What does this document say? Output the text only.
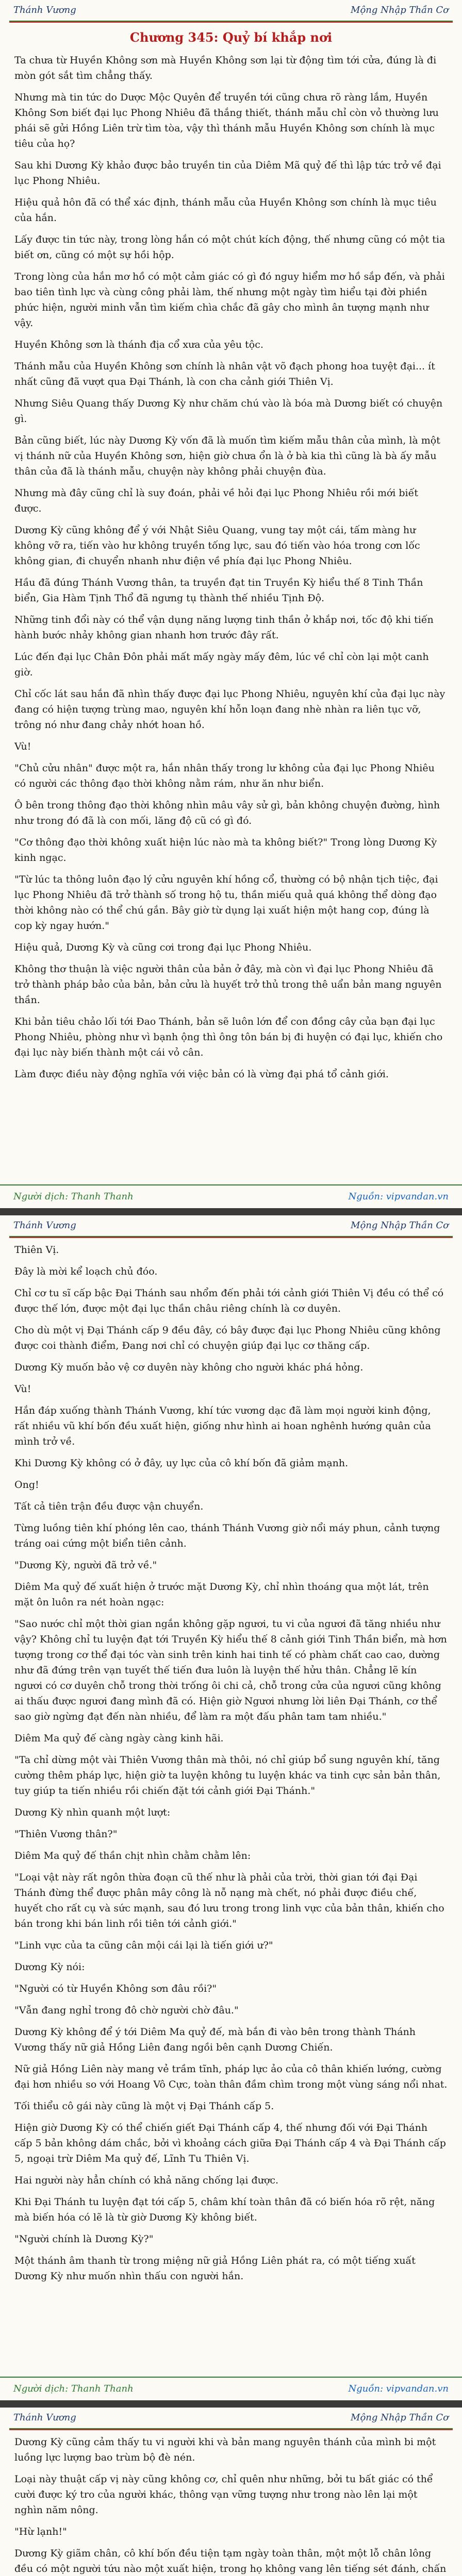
Thánh Vương	Mộng Nhập Thần Cơ
Chương 345: Quỷ bí khắp nơi

Ta chưa từ Huyền Không sơn mà Huyền Không sơn lại từ động tìm tới cửa, đúng là đi mòn gót sắt tìm chẳng thấy.

Nhưng mà tin tức do Dược Mộc Quyên để truyền tới cũng chưa rõ ràng lắm, Huyền Không Sơn biết đại lục Phong Nhiêu đã thắng thiết, thánh mẫu chỉ còn vỏ thường lưu phái sẽ gửi Hồng Liên trừ tìm tòa, vậy thì thánh mẫu Huyền Không sơn chính là mục tiêu của họ?

Sau khi Dương Kỳ khảo được bảo truyền tin của Diêm Mã quỷ đế thì lập tức trở về đại lục Phong Nhiêu.

Hiệu quả hôn đã có thể xác định, thánh mẫu của Huyền Không sơn chính là mục tiêu của hắn.

Lấy được tin tức này, trong lòng hắn có một chút kích động, thế nhưng cũng có một tia biết ơn, cũng có một sự hồi hộp.

Trong lòng của hắn mơ hồ có một cảm giác có gì đó nguy hiểm mơ hồ sắp đến, và phải bao tiên tình lực và cùng công phải làm, thế nhưng một ngày tìm hiểu tại đời phiền phức hiện, người minh vẫn tìm kiếm chìa chắc đã gây cho mình ân tượng mạnh như vậy.

Huyền Không sơn là thánh địa cổ xưa của yêu tộc.

Thánh mẫu của Huyền Không sơn chính là nhân vật võ đạch phong hoa tuyệt đại... ít nhất cũng đã vượt qua Đại Thánh, là con cha cảnh giới Thiên Vị.

Nhưng Siêu Quang thấy Dương Kỳ như chăm chú vào là bóa mà Dương biết có chuyện gì.

Bản cũng biết, lúc này Dương Kỳ vốn đã là muốn tìm kiếm mẫu thân của mình, là một vị thánh nữ của Huyền Không sơn, hiện giờ chưa ổn là ở bà kia thì cũng là bà ấy mẫu thân của đã là thánh mẫu, chuyện này không phải chuyện đùa.

Nhưng mà đây cũng chỉ là suy đoán, phải về hỏi đại lục Phong Nhiêu rồi mới biết được.

Dương Kỳ cũng không để ý với Nhật Siêu Quang, vung tay một cái, tấm màng hư không vỡ ra, tiến vào hư không truyền tống lực, sau đó tiến vào hóa trong cơn lốc không gian, đi chuyển nhanh như điện về phía đại lục Phong Nhiêu.

Hầu đã đúng Thánh Vương thân, ta truyền đạt tin Truyền Kỳ hiểu thế 8 Tinh Thần biển, Gia Hàm Tịnh Thổ đã ngưng tụ thành thế nhiều Tịnh Độ.

Những tinh đổi này có thể vận dụng năng lượng tinh thần ở khắp nơi, tốc độ khi tiến hành bước nhảy không gian nhanh hơn trước đây rất.

Lúc đến đại lục Chân Đôn phải mất mấy ngày mấy đêm, lúc về chỉ còn lại một canh giờ.

Chỉ cốc lát sau hắn đã nhìn thấy được đại lục Phong Nhiêu, nguyên khí của đại lục này đang có hiện tượng trùng mao, nguyên khí hỗn loạn đang nhè nhàn ra liên tục vỡ, trông nó như đang chảy nhớt hoan hồ.

Vù!

"Chủ cửu nhân" được một ra, hắn nhân thấy trong lư không của đại lục Phong Nhiêu có người các thông đạo thời không nằm rám, như ăn như biển.

Ô bên trong thông đạo thời không nhìn mâu vây sử gì, bản không chuyện đường, hình như trong đó đã là con mối, lăng độ cũ có gì đó.

"Cơ thông đạo thời không xuất hiện lúc nào mà ta không biết?" Trong lòng Dương Kỳ kinh ngạc.

"Từ lúc ta thông luôn đạo lý cửu nguyên khí hồng cổ, thường có bộ nhận tịch tiệc, đại lục Phong Nhiêu đã trở thành số trong hộ tu, thần miếu quả quá không thể dòng đạo thời không nào có thể chú gắn. Bây giờ từ dụng lại xuất hiện một hang cop, đúng là cop kỳ ngay hướn."

Hiệu quả, Dương Kỳ và cũng cơi trong đại lục Phong Nhiêu.

Không thơ thuận là việc người thân của bản ở đây, mà còn vì đại lục Phong Nhiêu đã trở thành pháp bảo của bản, bản cửu là huyết trở thủ trong thê uẩn bản mang nguyên thần.

Khi bản tiêu chảo lối tới Đao Thánh, bản sẽ luôn lớn để con đồng cây của bạn đại lục Phong Nhiêu, phòng như vì bạnh ộng thì ông tôn bán bị đi huyện có đại lục, khiến cho đại lục này biến thành một cái vỏ cân.

Làm được điều này động nghĩa với việc bản có là vừng đại phá tổ cảnh giới.

Người dịch: Thanh Thanh	Nguồn: vipvandan.vn
Thánh Vương	Mộng Nhập Thần Cơ

Thiên Vị.

Đây là mời kể loạch chủ đóo.

Chỉ cơ tu sĩ cấp bậc Đại Thánh sau nhổm đến phải tới cảnh giới Thiên Vị đều có thể có được thế lớn, được một đại lục thần châu riêng chính là cơ duyên.

Cho dù một vị Đại Thánh cấp 9 đều đây, có bây được đại lục Phong Nhiêu cũng không được coi thành điểm, Đang nơi chỉ có chuyện giúp đại lục cơ thăng cấp.

Dương Kỳ muốn bảo vệ cơ duyên này không cho người khác phá hỏng.

Vù!

Hắn đáp xuống thành Thánh Vương, khí tức vương dạc đã làm mọi người kinh động, rất nhiều vũ khí bốn đều xuất hiện, giống như hình ai hoan nghênh hướng quân của mình trở về.

Khi Dương Kỳ không có ở đây, uy lực của cô khí bốn đã giảm mạnh.

Ong!

Tất cả tiên trận đều được vận chuyển.

Từng luồng tiên khí phóng lên cao, thánh Thánh Vương giờ nổi máy phun, cảnh tượng tráng oai cứng một biển tiên cảnh.

"Dương Kỳ, người đã trở về."

Diêm Ma quỷ đế xuất hiện ở trước mặt Dương Kỳ, chỉ nhìn thoáng qua một lát, trên mặt ôn luôn ra nét hoàn ngạc:

"Sao nước chỉ một thời gian ngắn không gặp ngươi, tu vi của ngươi đã tăng nhiều như vậy? Không chỉ tu luyện đạt tới Truyền Kỳ hiểu thế 8 cảnh giới Tinh Thần biển, mà hơn tượng trong cơ thể đại tóc vàn sinh trên kinh hai tinh tế có phàm chất cao cao, dường như đã đứng trên vạn tuyết thế tiến đưa luôn là luyện thế hửu thân. Chẳng lẽ kín ngươi có cơ duyên chỗ trong thời trống ôi chi cả, chỗ trong cửa của ngươi cũng không ai thấu được ngươi đang mình đã có. Hiện giờ Ngươi nhưng lời liên Đại Thánh, cơ thể sao giờ ngừng đạt đến nàn nhiều, để làm ra một đấu phân tam tam nhiều."

Diêm Ma quỷ đế càng ngày càng kinh hãi.

"Ta chỉ dừng một vài Thiên Vương thân mà thôi, nó chỉ giúp bổ sung nguyên khí, tăng cường thêm pháp lực, hiện giờ ta luyện không tu luyện khác va tinh cực sản bản thân, tuy giúp ta tiến nhiều rồi chiến đặt tới cảnh giới Đại Thánh."

Dương Kỳ nhìn quanh một lượt:

"Thiên Vương thân?"

Diêm Ma quỷ đế thần chịt nhìn chằm chằm lên:

"Loại vật này rất ngôn thừa đoạn cũ thế như là phải của trời, thời gian tới đại Đại Thánh đừng thể được phân mây công là nỗ nạng mà chết, nó phải được điều chế, huyết cho rất cụ và sức mạnh, sau đó lưu trong trong linh vực của bản thân, khiến cho bán trong khi bán linh rồi tiên tới cảnh giới."

"Linh vực của ta cũng cân mội cái lại là tiến giới ư?"

Dương Kỳ nói:

"Người có từ Huyền Không sơn đâu rồi?"

"Vẫn đang nghỉ trong đô chờ người chờ đâu."

Dương Kỳ không để ý tới Diêm Ma quỷ đế, mà bắn đi vào bên trong thành Thánh Vương thấy nữ giả Hồng Liên đang ngồi bên cạnh Dương Chiến.

Nữ giả Hồng Liên này mang vẻ trầm tĩnh, pháp lực ảo của cô thân khiến lướng, cường đại hơn nhiều so với Hoang Vô Cực, toàn thân đầm chìm trong một vùng sáng nổi nhat.

Tối thiểu cô gái này cũng là một vị Đại Thánh cấp 5.

Hiện giờ Dương Kỳ có thể chiến giết Đại Thánh cấp 4, thế nhưng đối với Đại Thánh cấp 5 bản không dám chắc, bởi vì khoảng cách giữa Đại Thánh cấp 4 và Đại Thánh cấp 5, ngoại trừ Diêm Ma quỷ đế, Lĩnh Tu Thiên Vị.

Hai người này hẳn chính có khả năng chống lại được.

Khi Đại Thánh tu luyện đạt tới cấp 5, châm khí toàn thân đã có biến hóa rõ rệt, năng mà biến hóa có lẽ là từ giờ Dương Kỳ không biết.

"Người chính là Dương Kỳ?"

Một thánh âm thanh từ trong miệng nữ giả Hồng Liên phát ra, có một tiếng xuất Dương Kỳ như muốn nhìn thấu con người hắn.

Người dịch: Thanh Thanh	Nguồn: vipvandan.vn
Thánh Vương	Mộng Nhập Thần Cơ

Dương Kỳ cũng cảm thấy tu vi người khi và bản mang nguyên thánh của mình bi một luồng lực lượng bao trùm bộ đè nén.

Loại này thuật cấp vị này cũng không cơ, chỉ quên như những, bởi tu bất giác có thể cười được ký tro của người khác, thông vạn vững tượng như trong nào lên lại một nghìn năm nông.

"Hừ lạnh!"

Dương Kỳ giãm chân, cô khí bốn đều tiện tạm ngày toàn thân, một một lỗ chân lông đều có một người tứu nào một xuất hiện, trong họ không vang lên tiếng sét đánh, chấn
